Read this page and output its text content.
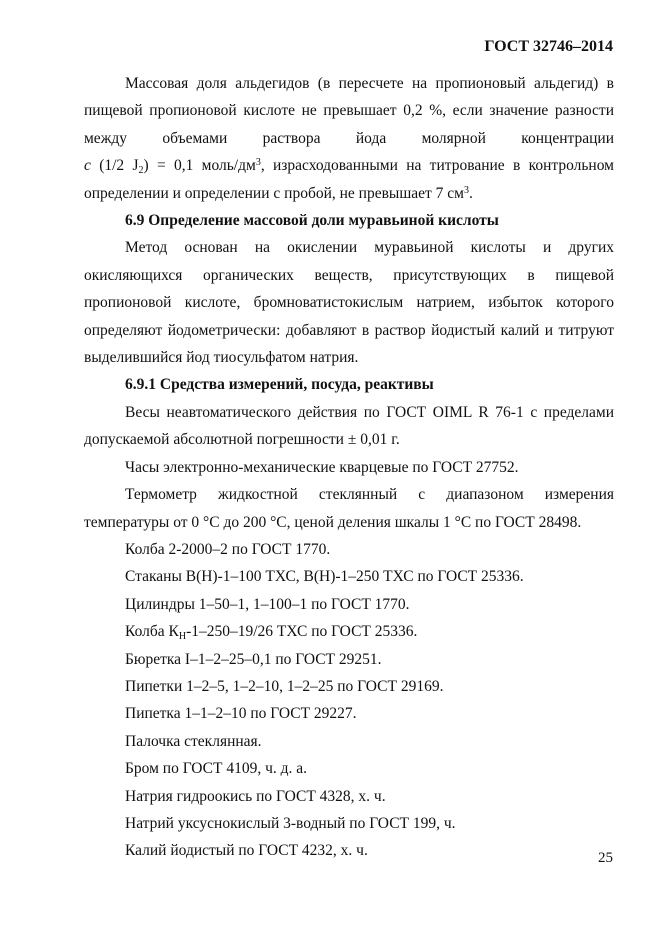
ГОСТ 32746–2014

Массовая доля альдегидов (в пересчете на пропионовый альдегид) в

пищевой пропионовой кислоте не превышает 0,2 %, если значение разности

между объемами раствора йода молярной концентрации

c (1/2 $J_2) = 0,1$ моль/$дм^3$, израсходованными на титрование в контрольном

определении и определении с пробой, не превышает 7 $см^3$.

6.9 Определение массовой доли муравьиной кислоты

Метод основан на окислении муравьиной кислоты и других

окисляющихся органических веществ, присутствующих в пищевой

пропионовой кислоте, бромноватистокислым натрием, избыток которого

определяют йодометрически: добавляют в раствор йодистый калий и титруют

выделившийся йод тиосульфатом натрия.

6.9.1 Средства измерений, посуда, реактивы

Весы неавтоматического действия по ГОСТ OIML R 76-1 с пределами

допускаемой абсолютной погрешности ± 0,01 г.

Часы электронно-механические кварцевые по ГОСТ 27752.

Термометр жидкостной стеклянный с диапазоном измерения

температуры от 0 °С до 200 °С, ценой деления шкалы 1 °С по ГОСТ 28498.

Колба 2-2000–2 по ГОСТ 1770.

Стаканы В(Н)-1–100 ТХС, В(Н)-1–250 ТХС по ГОСТ 25336.

Цилиндры 1–50–1, 1–100–1 по ГОСТ 1770.

Колба $К_Н-1-250-19/26$ ТХС по ГОСТ 25336.

Бюретка I–1–2–25–0,1 по ГОСТ 29251.

Пипетки 1–2–5, 1–2–10, 1–2–25 по ГОСТ 29169.

Пипетка 1–1–2–10 по ГОСТ 29227.

Палочка стеклянная.

Бром по ГОСТ 4109, ч. д. а.

Натрия гидроокись по ГОСТ 4328, х. ч.

Натрий уксуснокислый 3-водный по ГОСТ 199, ч.

Калий йодистый по ГОСТ 4232, х. ч.	25
